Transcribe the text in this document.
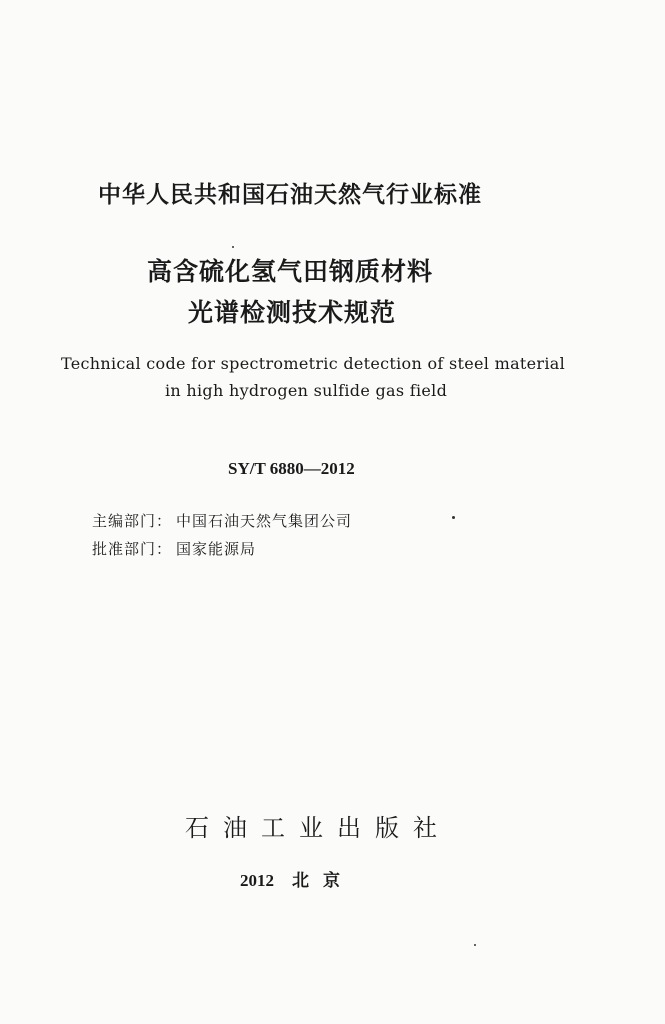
中华人民共和国石油天然气行业标准
高含硫化氢气田钢质材料
光谱检测技术规范
Technical code for spectrometric detection of steel material
in high hydrogen sulfide gas field
SY/T 6880—2012
主编部门： 中国石油天然气集团公司
批准部门： 国家能源局
石油工业出版社
2012 北京
